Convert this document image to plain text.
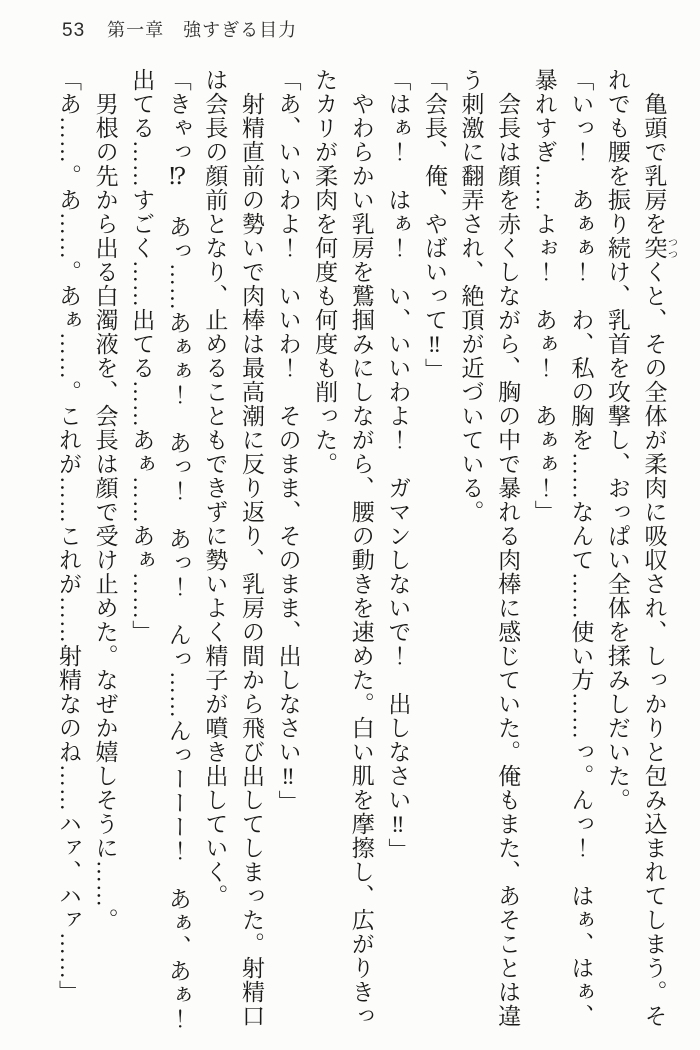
53 第一章　強すぎる目力

亀頭で乳房を突 つつくと、その全体が柔肉に吸収され、しっかりと包み込まれてしまう。そ

れでも腰を振り続け、乳首を攻撃し、おっぱい全体を揉みしだいた。

「いっ！　あぁぁ！　わ、私の胸を……なんて……使い方……っ。んっ！　はぁ、はぁ、

暴れすぎ……よぉ！　あぁ！　あぁぁ！」

会長は顔を赤くしながら、胸の中で暴れる肉棒に感じていた。俺もまた、あそことは違

う刺激に翻弄され、絶頂が近づいている。

「会長、俺、やばいって‼」

「はぁ！　はぁ！　い、いいわよ！　ガマンしないで！　出しなさい‼」

やわらかい乳房を鷲掴みにしながら、腰の動きを速めた。白い肌を摩擦し、広がりきっ

たカリが柔肉を何度も何度も削った。

「あ、いいわよ！　いいわ！　そのまま、そのまま、出しなさい‼」

射精直前の勢いで肉棒は最高潮に反り返り、乳房の間から飛び出してしまった。射精口

は会長の顔前となり、止めることもできずに勢いよく精子が噴き出していく。

「きゃっ⁉　あっ……あぁぁ！　あっ！　あっ！　んっ……んっーーー！　あぁ、あぁ！

出てる……すごく……出てる……あぁ……あぁ……」

男根の先から出る白濁液を、会長は顔で受け止めた。なぜか嬉しそうに……。

「あ……。あ……。あぁ……。これが……これが……射精なのね……ハァ、ハァ……」
